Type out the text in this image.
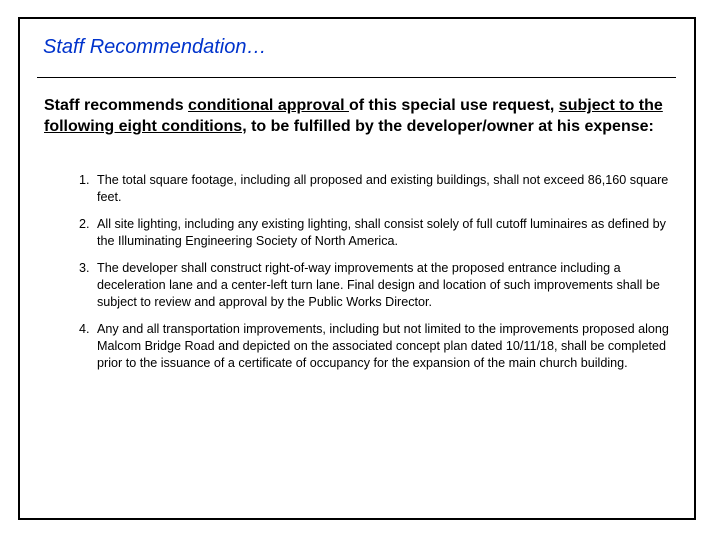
Staff Recommendation…
Staff recommends conditional approval of this special use request, subject to the following eight conditions, to be fulfilled by the developer/owner at his expense:
1. The total square footage, including all proposed and existing buildings, shall not exceed 86,160 square feet.
2. All site lighting, including any existing lighting, shall consist solely of full cutoff luminaires as defined by the Illuminating Engineering Society of North America.
3. The developer shall construct right-of-way improvements at the proposed entrance including a deceleration lane and a center-left turn lane. Final design and location of such improvements shall be subject to review and approval by the Public Works Director.
4. Any and all transportation improvements, including but not limited to the improvements proposed along Malcom Bridge Road and depicted on the associated concept plan dated 10/11/18, shall be completed prior to the issuance of a certificate of occupancy for the expansion of the main church building.
